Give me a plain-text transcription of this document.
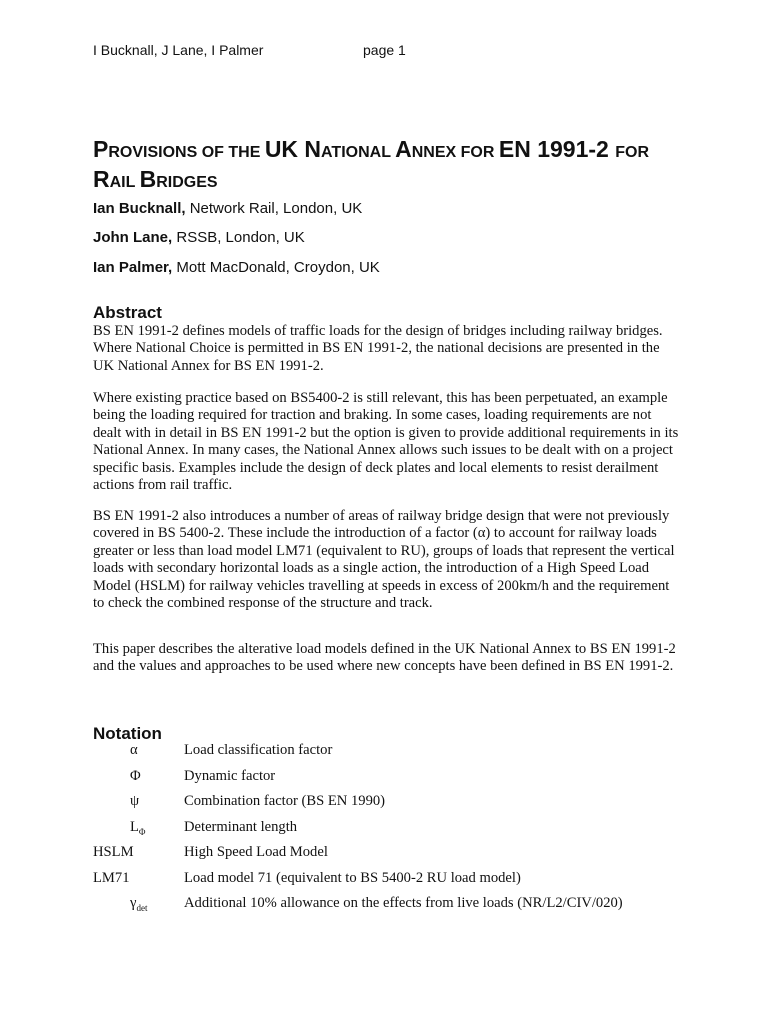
I Bucknall, J Lane, I Palmer	page 1
PROVISIONS OF THE UK NATIONAL ANNEX FOR EN 1991-2 FOR RAIL BRIDGES
Ian Bucknall, Network Rail, London, UK
John Lane, RSSB, London, UK
Ian Palmer, Mott MacDonald, Croydon, UK
Abstract

BS EN 1991-2 defines models of traffic loads for the design of bridges including railway bridges. Where National Choice is permitted in BS EN 1991-2, the national decisions are presented in the UK National Annex for BS EN 1991-2.

Where existing practice based on BS5400-2 is still relevant, this has been perpetuated, an example being the loading required for traction and braking. In some cases, loading requirements are not dealt with in detail in BS EN 1991-2 but the option is given to provide additional requirements in its National Annex. In many cases, the National Annex allows such issues to be dealt with on a project specific basis. Examples include the design of deck plates and local elements to resist derailment actions from rail traffic.

BS EN 1991-2 also introduces a number of areas of railway bridge design that were not previously covered in BS 5400-2. These include the introduction of a factor (α) to account for railway loads greater or less than load model LM71 (equivalent to RU), groups of loads that represent the vertical loads with secondary horizontal loads as a single action, the introduction of a High Speed Load Model (HSLM) for railway vehicles travelling at speeds in excess of 200km/h and the requirement to check the combined response of the structure and track.

This paper describes the alterative load models defined in the UK National Annex to BS EN 1991-2 and the values and approaches to be used where new concepts have been defined in BS EN 1991-2.

Notation
α	Load classification factor
Φ	Dynamic factor
ψ	Combination factor (BS EN 1990)
$L_\Phi$	Determinant length
HSLM	High Speed Load Model
LM71	Load model 71 (equivalent to BS 5400-2 RU load model)
$\gamma_{det}$	Additional 10% allowance on the effects from live loads (NR/L2/CIV/020)
